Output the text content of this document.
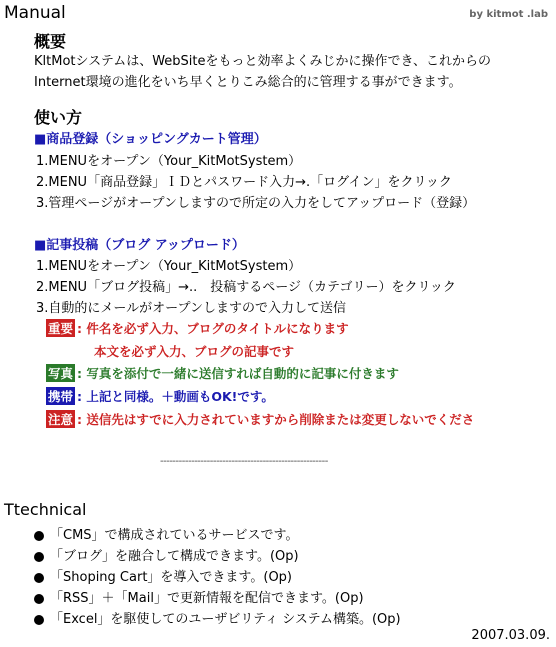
Manual	by kitmot .lab
概要
KltMotシステムは、WebSiteをもっと効率よくみじかに操作でき、これからの
Internet環境の進化をいち早くとりこみ総合的に管理する事ができます。
使い方
■商品登録（ショッピングカート管理）
1.MENUをオープン（Your_KitMotSystem）
2.MENU「商品登録」ＩＤとパスワード入力→.「ログイン」をクリック
3.管理ページがオープンしますので所定の入力をしてアップロード（登録）
■記事投稿（ブログ アップロード）
1.MENUをオープン（Your_KitMotSystem）
2.MENU「ブログ投稿」→..　投稿するページ（カテゴリー）をクリック
3.自動的にメールがオープンしますので入力して送信
重要 : 件名を必ず入力、ブログのタイトルになります
本文を必ず入力、ブログの記事です
写真 : 写真を添付で一緒に送信すれば自動的に記事に付きます
携帯 : 上記と同様。＋動画もOK!です。
注意 : 送信先はすでに入力されていますから削除または変更しないでくださ
------------------------------------------------------
Ttechnical
「CMS」で構成されているサービスです。
「ブログ」を融合して構成できます。(Op)
「Shoping Cart」を導入できます。(Op)
「RSS」＋「Mail」で更新情報を配信できます。(Op)
「Excel」を駆使してのユーザビリティ システム構築。(Op)
2007.03.09.
